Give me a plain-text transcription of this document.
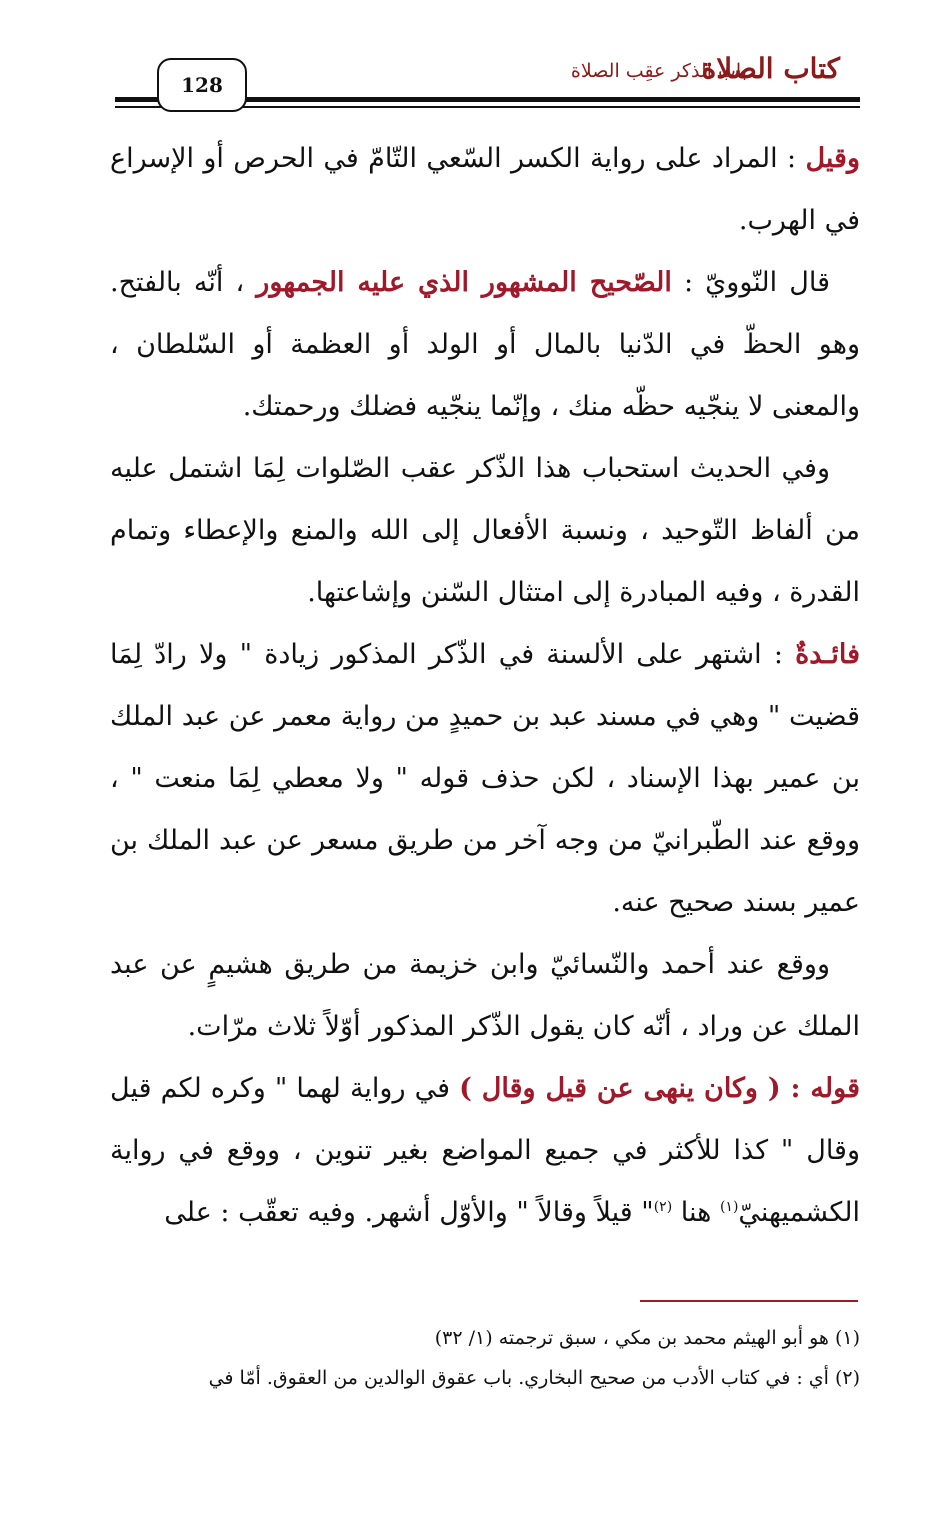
كتاب الصلاة
باب الذكر عقِب الصلاة
128

وقيل : المراد على رواية الكسر السّعي التّامّ في الحرص أو الإسراع في الهرب.

قال النّوويّ : الصّحيح المشهور الذي عليه الجمهور ، أنّه بالفتح. وهو الحظّ في الدّنيا بالمال أو الولد أو العظمة أو السّلطان ، والمعنى لا ينجّيه حظّه منك ، وإنّما ينجّيه فضلك ورحمتك.

وفي الحديث استحباب هذا الذّكر عقب الصّلوات لِمَا اشتمل عليه من ألفاظ التّوحيد ، ونسبة الأفعال إلى الله والمنع والإعطاء وتمام القدرة ، وفيه المبادرة إلى امتثال السّنن وإشاعتها.

فائـدةٌ : اشتهر على الألسنة في الذّكر المذكور زيادة " ولا رادّ لِمَا قضيت " وهي في مسند عبد بن حميدٍ من رواية معمر عن عبد الملك بن عمير بهذا الإسناد ، لكن حذف قوله " ولا معطي لِمَا منعت " ، ووقع عند الطّبرانيّ من وجه آخر من طريق مسعر عن عبد الملك بن عمير بسند صحيح عنه.

ووقع عند أحمد والنّسائيّ وابن خزيمة من طريق هشيمٍ عن عبد الملك عن وراد ، أنّه كان يقول الذّكر المذكور أوّلاً ثلاث مرّات.

قوله : ( وكان ينهى عن قيل وقال ) في رواية لهما " وكره لكم قيل وقال " كذا للأكثر في جميع المواضع بغير تنوين ، ووقع في رواية الكشميهنيّ$^{(١)}$ هنا $^{(٢)}$" قيلاً وقالاً " والأوّل أشهر. وفيه تعقّب : على

(١) هو أبو الهيثم محمد بن مكي ، سبق ترجمته (١/ ٣٢)

(٢) أي : في كتاب الأدب من صحيح البخاري. باب عقوق الوالدين من العقوق. أمّا في
